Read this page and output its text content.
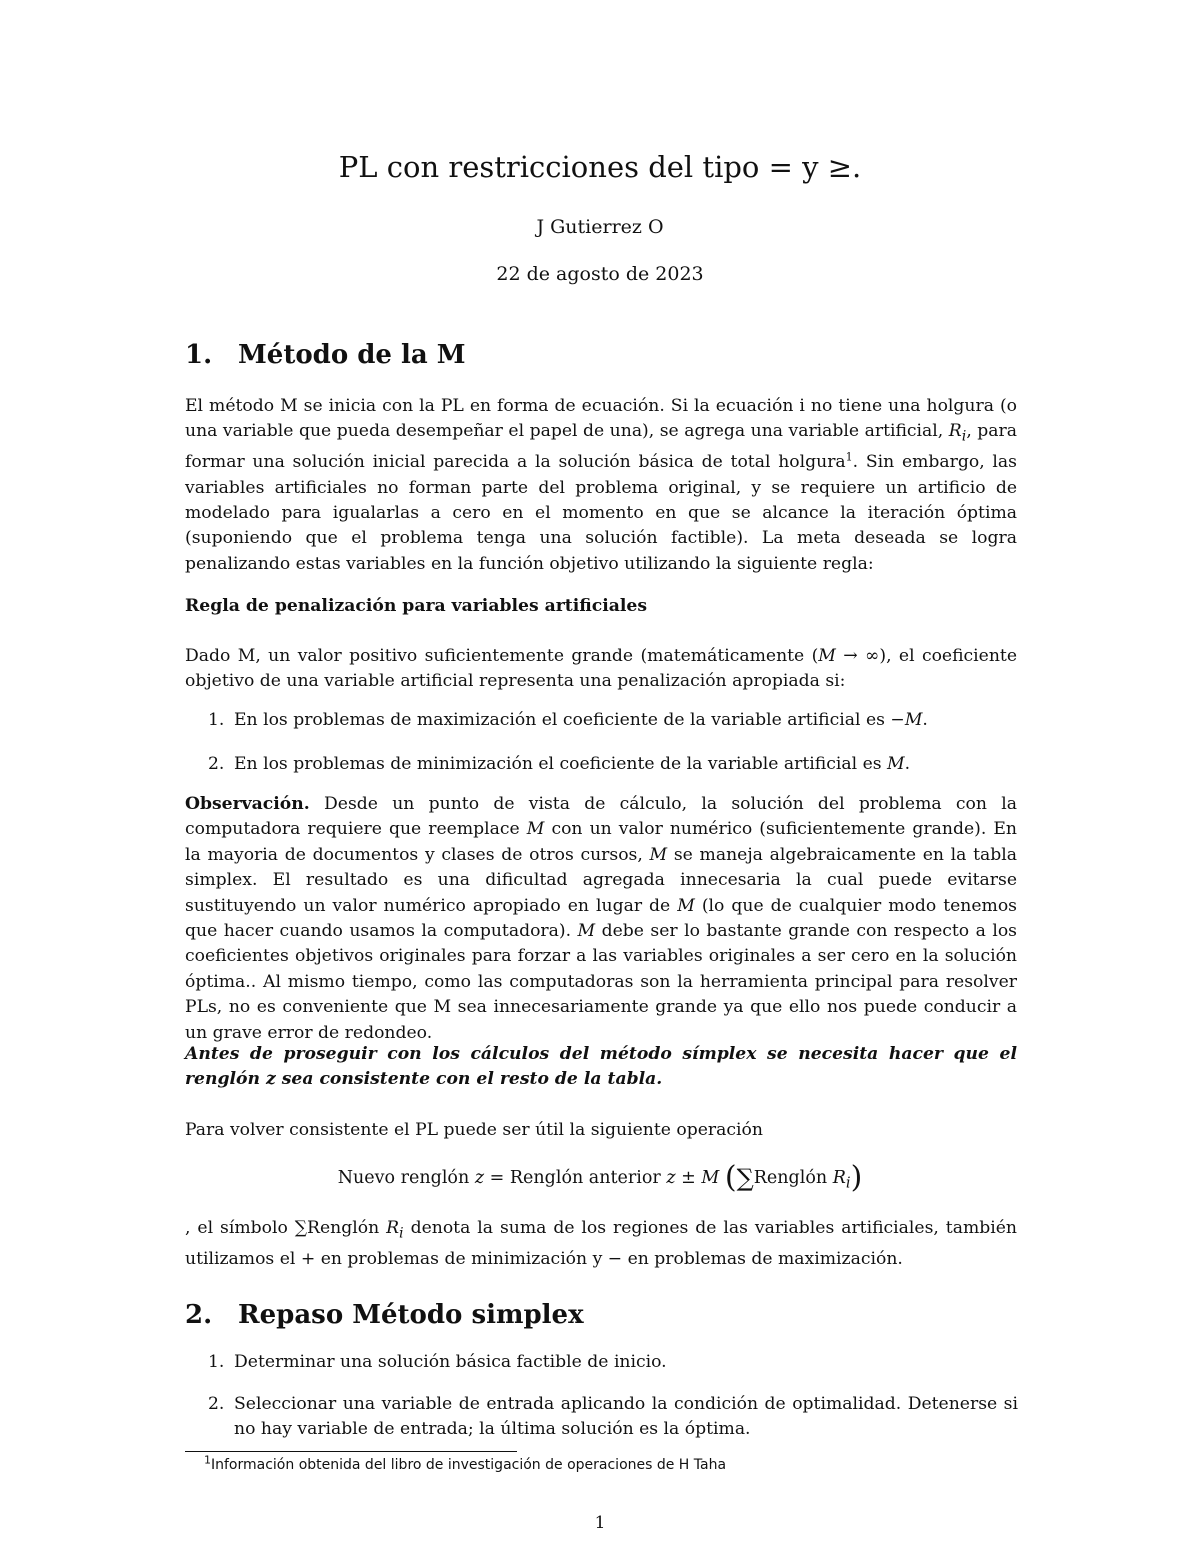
PL con restricciones del tipo = y ≥.
J Gutierrez O
22 de agosto de 2023
1. Método de la M

El método M se inicia con la PL en forma de ecuación. Si la ecuación i no tiene una holgura (o una variable que pueda desempeñar el papel de una), se agrega una variable artificial, $R_i$, para formar una solución inicial parecida a la solución básica de total holgura$^1$. Sin embargo, las variables artificiales no forman parte del problema original, y se requiere un artificio de modelado para igualarlas a cero en el momento en que se alcance la iteración óptima (suponiendo que el problema tenga una solución factible). La meta deseada se logra penalizando estas variables en la función objetivo utilizando la siguiente regla:

Regla de penalización para variables artificiales

Dado M, un valor positivo suficientemente grande (matemáticamente (M → ∞), el coeficiente objetivo de una variable artificial representa una penalización apropiada si:

1. En los problemas de maximización el coeficiente de la variable artificial es −M.
2. En los problemas de minimización el coeficiente de la variable artificial es M.

Observación. Desde un punto de vista de cálculo, la solución del problema con la computadora requiere que reemplace M con un valor numérico (suficientemente grande). En la mayoria de documentos y clases de otros cursos, M se maneja algebraicamente en la tabla simplex. El resultado es una dificultad agregada innecesaria la cual puede evitarse sustituyendo un valor numérico apropiado en lugar de M (lo que de cualquier modo tenemos que hacer cuando usamos la computadora). M debe ser lo bastante grande con respecto a los coeficientes objetivos originales para forzar a las variables originales a ser cero en la solución óptima.. Al mismo tiempo, como las computadoras son la herramienta principal para resolver PLs, no es conveniente que M sea innecesariamente grande ya que ello nos puede conducir a un grave error de redondeo.

Antes de proseguir con los cálculos del método símplex se necesita hacer que el renglón z sea consistente con el resto de la tabla.

Para volver consistente el PL puede ser útil la siguiente operación
Nuevo renglón z = Renglón anterior z ± M (∑Renglón $R_i$)

, el símbolo ∑Renglón $R_i$ denota la suma de los regiones de las variables artificiales, también utilizamos el + en problemas de minimización y − en problemas de maximización.

2. Repaso Método simplex
1. Determinar una solución básica factible de inicio.
2. Seleccionar una variable de entrada aplicando la condición de optimalidad. Detenerse si no hay variable de entrada; la última solución es la óptima.
$^1$Información obtenida del libro de investigación de operaciones de H Taha
1
